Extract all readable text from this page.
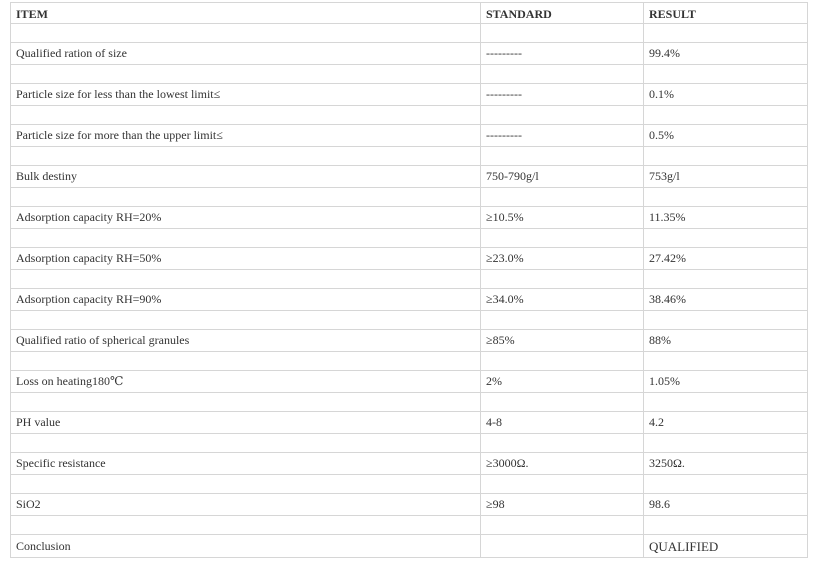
ITEM	STANDARD	RESULT

Qualified ration of size	---------	99.4%

Particle size for less than the lowest limit≤	---------	0.1%

Particle size for more than the upper limit≤	---------	0.5%

Bulk destiny	750-790g/l	753g/l

Adsorption capacity RH=20%	≥10.5%	11.35%

Adsorption capacity RH=50%	≥23.0%	27.42%

Adsorption capacity RH=90%	≥34.0%	38.46%

Qualified ratio of spherical granules	≥85%	88%

Loss on heating180℃	2%	1.05%

PH value	4-8	4.2

Specific resistance	≥3000Ω.	3250Ω.

SiO2	≥98	98.6

Conclusion		QUALIFIED
